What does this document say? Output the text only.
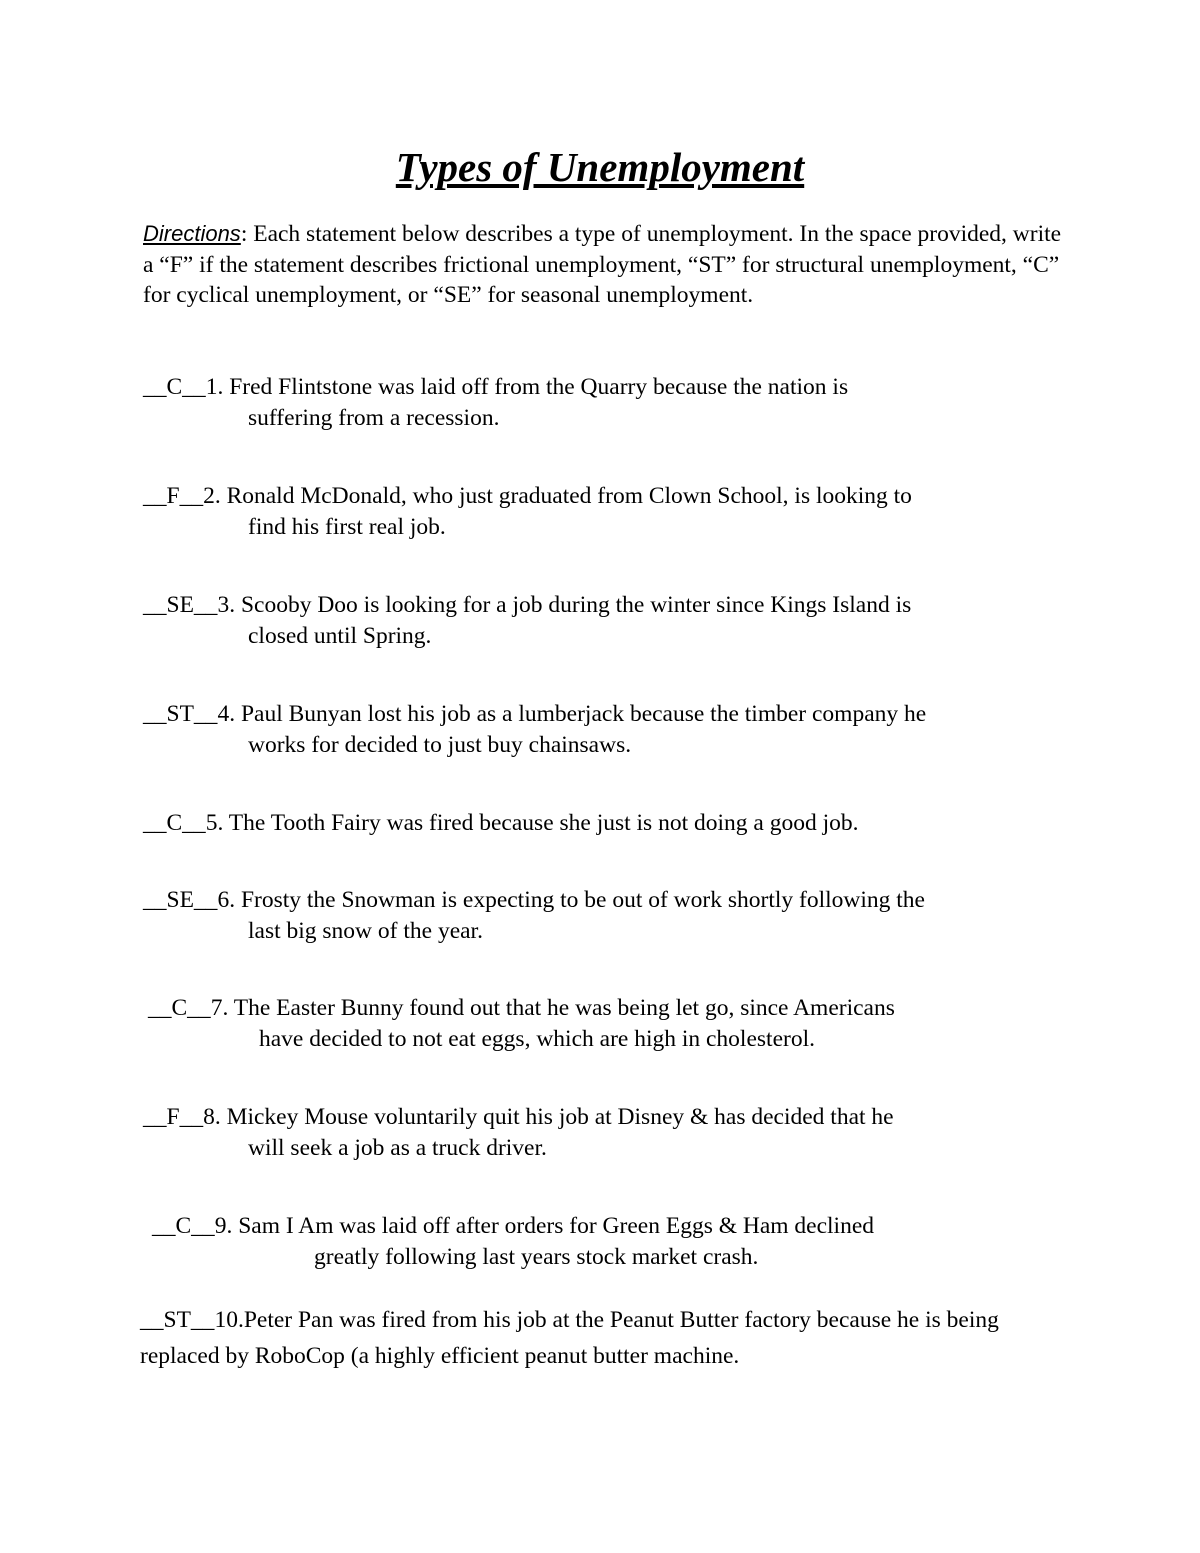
Types of Unemployment
Directions: Each statement below describes a type of unemployment. In the space provided, write a “F” if the statement describes frictional unemployment, “ST” for structural unemployment, “C” for cyclical unemployment, or “SE” for seasonal unemployment.
__C__1. Fred Flintstone was laid off from the Quarry because the nation is
suffering from a recession.
__F__2. Ronald McDonald, who just graduated from Clown School, is looking to
find his first real job.
__SE__3. Scooby Doo is looking for a job during the winter since Kings Island is
closed until Spring.
__ST__4. Paul Bunyan lost his job as a lumberjack because the timber company he
works for decided to just buy chainsaws.
__C__5. The Tooth Fairy was fired because she just is not doing a good job.
__SE__6. Frosty the Snowman is expecting to be out of work shortly following the
last big snow of the year.
__C__7. The Easter Bunny found out that he was being let go, since Americans
have decided to not eat eggs, which are high in cholesterol.
__F__8. Mickey Mouse voluntarily quit his job at Disney & has decided that he
will seek a job as a truck driver.
__C__9. Sam I Am was laid off after orders for Green Eggs & Ham declined
greatly following last years stock market crash.
__ST__10.Peter Pan was fired from his job at the Peanut Butter factory because he is being replaced by RoboCop (a highly efficient peanut butter machine.
